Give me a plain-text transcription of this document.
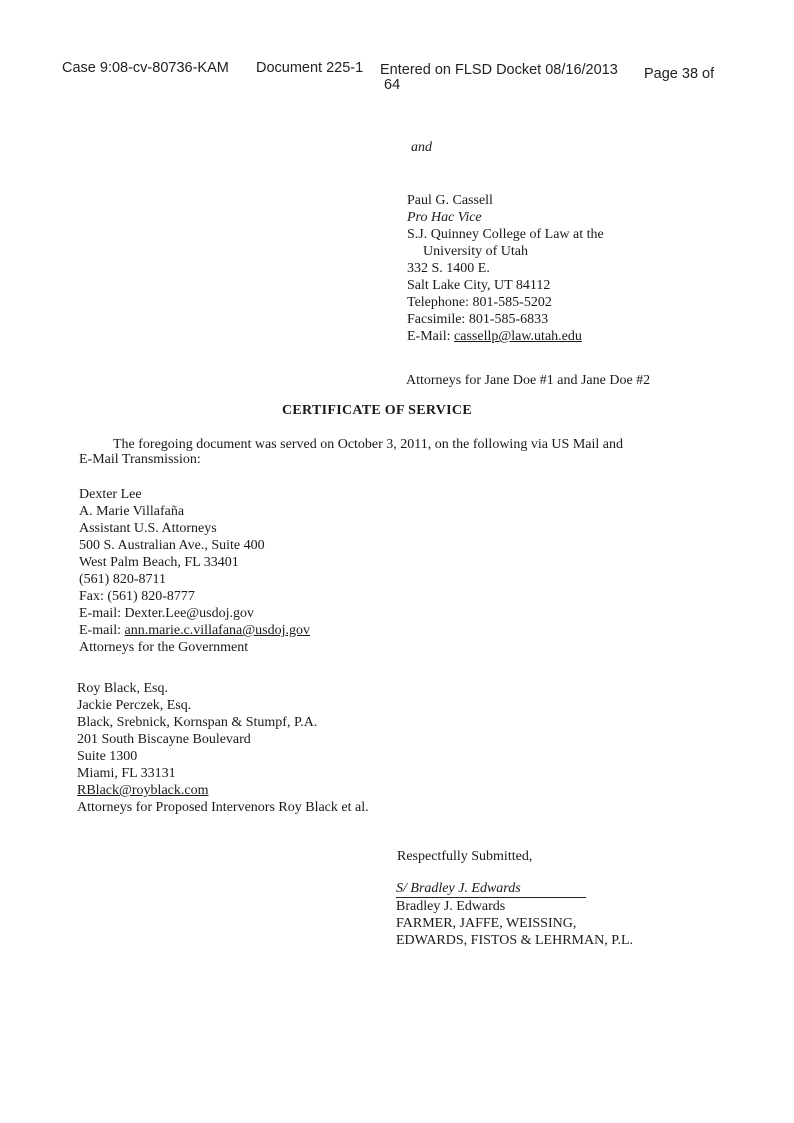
Case 9:08-cv-80736-KAM Document 225-1 Entered on FLSD Docket 08/16/2013 Page 38 of
64
and
Paul G. Cassell
Pro Hac Vice
S.J. Quinney College of Law at the
University of Utah
332 S. 1400 E.
Salt Lake City, UT 84112
Telephone: 801-585-5202
Facsimile: 801-585-6833
E-Mail: cassellp@law.utah.edu
Attorneys for Jane Doe #1 and Jane Doe #2
CERTIFICATE OF SERVICE
The foregoing document was served on October 3, 2011, on the following via US Mail and
E-Mail Transmission:
Dexter Lee
A. Marie Villafaña
Assistant U.S. Attorneys
500 S. Australian Ave., Suite 400
West Palm Beach, FL 33401
(561) 820-8711
Fax: (561) 820-8777
E-mail: Dexter.Lee@usdoj.gov
E-mail: ann.marie.c.villafana@usdoj.gov
Attorneys for the Government
Roy Black, Esq.
Jackie Perczek, Esq.
Black, Srebnick, Kornspan & Stumpf, P.A.
201 South Biscayne Boulevard
Suite 1300
Miami, FL 33131
RBlack@royblack.com
Attorneys for Proposed Intervenors Roy Black et al.
Respectfully Submitted,
S/ Bradley J. Edwards
Bradley J. Edwards
FARMER, JAFFE, WEISSING,
EDWARDS, FISTOS & LEHRMAN, P.L.
